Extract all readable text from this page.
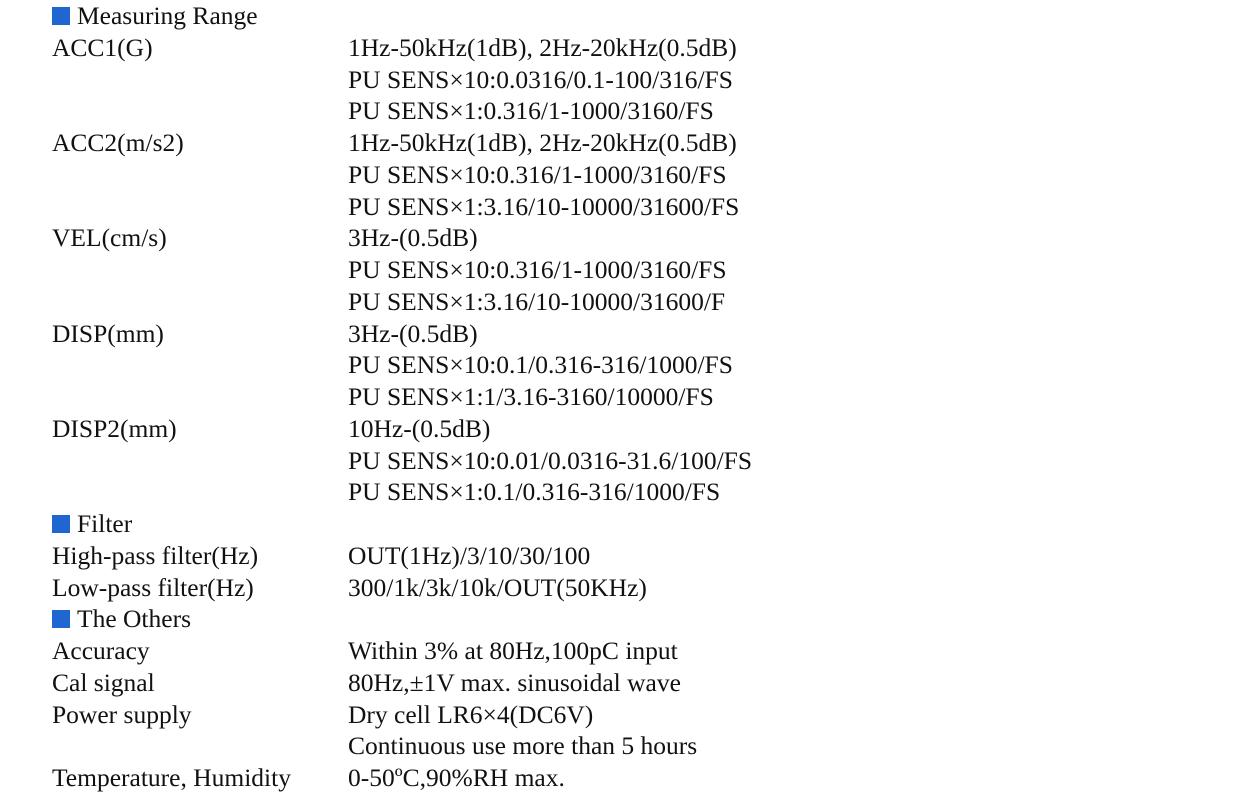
Measuring Range
ACC1(G)	1Hz-50kHz(1dB), 2Hz-20kHz(0.5dB)
PU SENS×10:0.0316/0.1-100/316/FS
PU SENS×1:0.316/1-1000/3160/FS
ACC2(m/s2)	1Hz-50kHz(1dB), 2Hz-20kHz(0.5dB)
PU SENS×10:0.316/1-1000/3160/FS
PU SENS×1:3.16/10-10000/31600/FS
VEL(cm/s)	3Hz-(0.5dB)
PU SENS×10:0.316/1-1000/3160/FS
PU SENS×1:3.16/10-10000/31600/F
DISP(mm)	3Hz-(0.5dB)
PU SENS×10:0.1/0.316-316/1000/FS
PU SENS×1:1/3.16-3160/10000/FS
DISP2(mm)	10Hz-(0.5dB)
PU SENS×10:0.01/0.0316-31.6/100/FS
PU SENS×1:0.1/0.316-316/1000/FS
Filter
High-pass filter(Hz)	OUT(1Hz)/3/10/30/100
Low-pass filter(Hz)	300/1k/3k/10k/OUT(50KHz)
The Others
Accuracy	Within 3% at 80Hz,100pC input
Cal signal	80Hz,±1V max. sinusoidal wave
Power supply	Dry cell LR6×4(DC6V)
Continuous use more than 5 hours
Temperature, Humidity 0-50ºC,90%RH max.
